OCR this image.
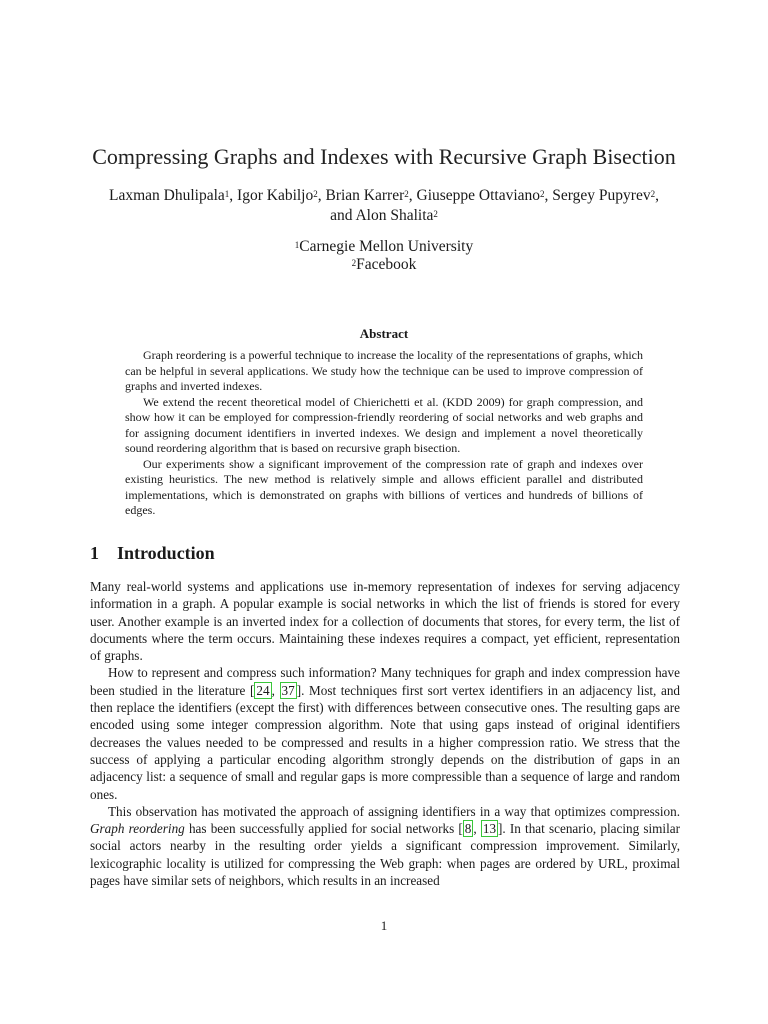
Compressing Graphs and Indexes with Recursive Graph Bisection
Laxman Dhulipala$^1$, Igor Kabiljo$^2$, Brian Karrer$^2$, Giuseppe Ottaviano$^2$, Sergey Pupyrev$^2$,
and Alon Shalita$^2$
$^1$Carnegie Mellon University
$^2$Facebook
Abstract

Graph reordering is a powerful technique to increase the locality of the representations of graphs, which can be helpful in several applications. We study how the technique can be used to improve compression of graphs and inverted indexes.

We extend the recent theoretical model of Chierichetti et al. (KDD 2009) for graph compression, and show how it can be employed for compression-friendly reordering of social networks and web graphs and for assigning document identifiers in inverted indexes. We design and implement a novel theoretically sound reordering algorithm that is based on recursive graph bisection.

Our experiments show a significant improvement of the compression rate of graph and indexes over existing heuristics. The new method is relatively simple and allows efficient parallel and distributed implementations, which is demonstrated on graphs with billions of vertices and hundreds of billions of edges.

1 Introduction

Many real-world systems and applications use in-memory representation of indexes for serving adjacency information in a graph. A popular example is social networks in which the list of friends is stored for every user. Another example is an inverted index for a collection of documents that stores, for every term, the list of documents where the term occurs. Maintaining these indexes requires a compact, yet efficient, representation of graphs.

How to represent and compress such information? Many techniques for graph and index compression have been studied in the literature [ 24 , 37 ]. Most techniques first sort vertex identifiers in an adjacency list, and then replace the identifiers (except the first) with differences between consecutive ones. The resulting gaps are encoded using some integer compression algorithm. Note that using gaps instead of original identifiers decreases the values needed to be compressed and results in a higher compression ratio. We stress that the success of applying a particular encoding algorithm strongly depends on the distribution of gaps in an adjacency list: a sequence of small and regular gaps is more compressible than a sequence of large and random ones.

This observation has motivated the approach of assigning identifiers in a way that optimizes compression. Graph reordering has been successfully applied for social networks [ 8 , 13 ]. In that scenario, placing similar social actors nearby in the resulting order yields a significant compression improvement. Similarly, lexicographic locality is utilized for compressing the Web graph: when pages are ordered by URL, proximal pages have similar sets of neighbors, which results in an increased

1
